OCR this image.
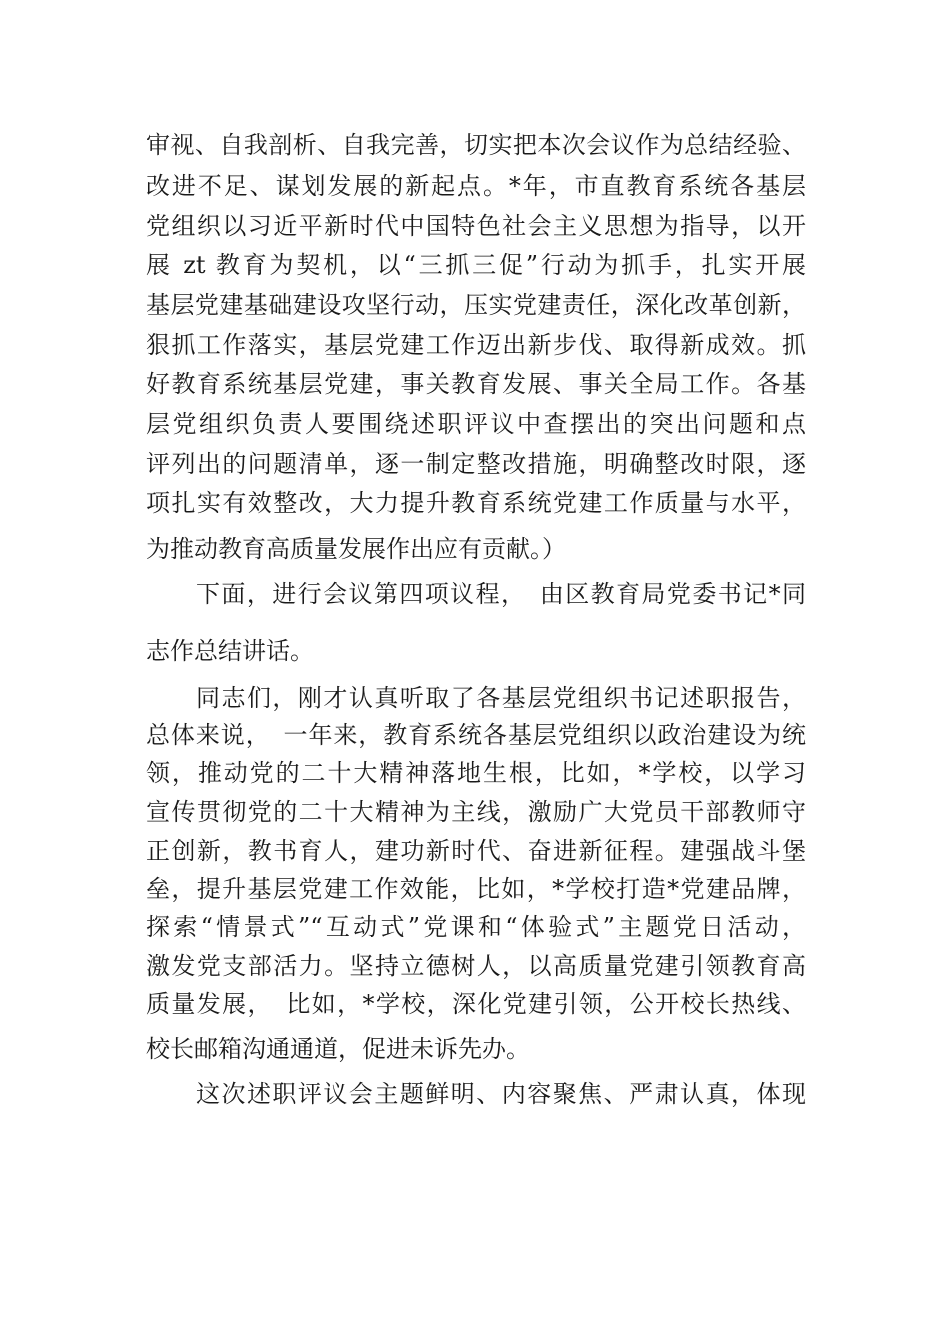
审视、自我剖析、自我完善，切实把本次会议作为总结经验、
改进不足、谋划发展的新起点。*年，市直教育系统各基层
党组织以习近平新时代中国特色社会主义思想为指导，以开
展 zt 教育为契机，以“三抓三促”行动为抓手，扎实开展
基层党建基础建设攻坚行动，压实党建责任，深化改革创新，
狠抓工作落实，基层党建工作迈出新步伐、取得新成效。抓
好教育系统基层党建，事关教育发展、事关全局工作。各基
层党组织负责人要围绕述职评议中查摆出的突出问题和点
评列出的问题清单，逐一制定整改措施，明确整改时限，逐
项扎实有效整改，大力提升教育系统党建工作质量与水平，
为推动教育高质量发展作出应有贡献。）
下面，进行会议第四项议程，　由区教育局党委书记*同
志作总结讲话。
同志们，刚才认真听取了各基层党组织书记述职报告，
总体来说，　一年来，教育系统各基层党组织以政治建设为统
领，推动党的二十大精神落地生根，比如，*学校，以学习
宣传贯彻党的二十大精神为主线，激励广大党员干部教师守
正创新，教书育人，建功新时代、奋进新征程。建强战斗堡
垒，提升基层党建工作效能，比如，*学校打造*党建品牌，
探索“情景式”“互动式”党课和“体验式”主题党日活动，
激发党支部活力。坚持立德树人，以高质量党建引领教育高
质量发展，　比如，*学校，深化党建引领，公开校长热线、
校长邮箱沟通通道，促进未诉先办。
这次述职评议会主题鲜明、内容聚焦、严肃认真，体现
